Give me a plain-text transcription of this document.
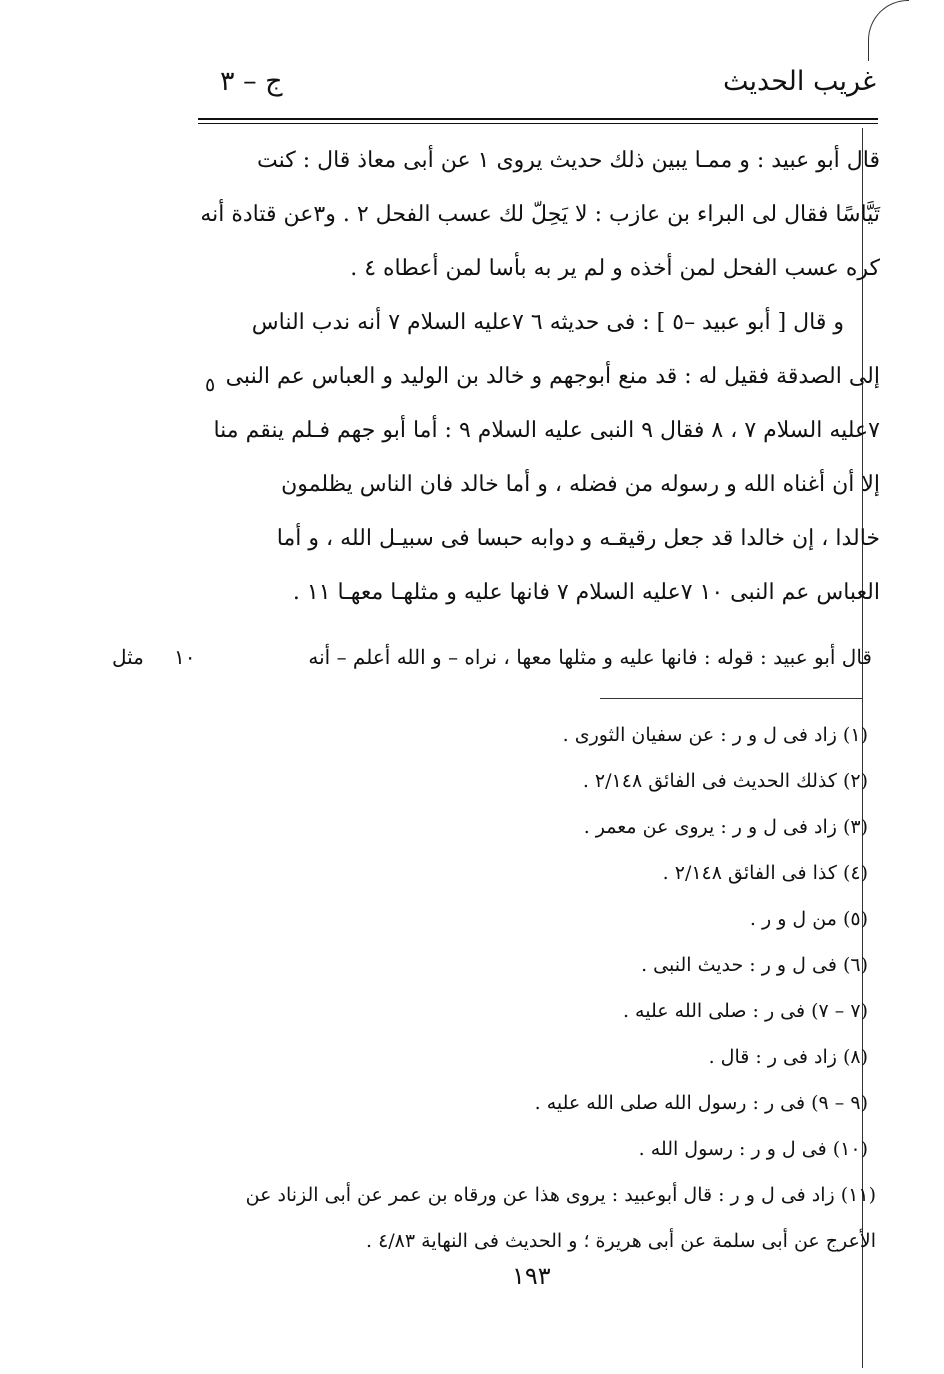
غريب الحديث
ج – ٣

قال أبو عبيد : و ممـا يبين ذلك حديث يروى ١ عن أبى معاذ قال : كنت

تَيَّاسًا فقال لى البراء بن عازب : لا يَحِلّ لك عسب الفحل ٢ . و٣عن قتادة أنه

كره عسب الفحل لمن أخذه و لم ير به بأسا لمن أعطاه ٤ .

و قال [ أبو عبيد –٥ ] : فى حديثه ٦ ٧عليه السلام ٧ أنه ندب الناس

إلى الصدقة فقيل له : قد منع أبوجهم و خالد بن الوليد و العباس عم النبى

٧عليه السلام ٧ ، ٨ فقال ٩ النبى عليه السلام ٩ : أما أبو جهم فـلم ينقم منا

إلا أن أغناه الله و رسوله من فضله ، و أما خالد فان الناس يظلمون

خالدا ، إن خالدا قد جعل رقيقـه و دوابه حبسا فى سبيـل الله ، و أما

العباس عم النبى ١٠ ٧عليه السلام ٧ فانها عليه و مثلهـا معهـا ١١ .

٥
قال أبو عبيد : قوله : فانها عليه و مثلها معها ، نراه – و الله أعلم – أنه
١٠
مثل
(١) زاد فى ل و ر : عن سفيان الثورى .
(٢) كذلك الحديث فى الفائق ٢/١٤٨ .
(٣) زاد فى ل و ر : يروى عن معمر .
(٤) كذا فى الفائق ٢/١٤٨ .
(٥) من ل و ر .
(٦) فى ل و ر : حديث النبى .
(٧ – ٧) فى ر : صلى الله عليه .
(٨) زاد فى ر : قال .
(٩ – ٩) فى ر : رسول الله صلى الله عليه .
(١٠) فى ل و ر : رسول الله .
(١١) زاد فى ل و ر : قال أبوعبيد : يروى هذا عن ورقاه بن عمر عن أبى الزناد عن
الأعرج عن أبى سلمة عن أبى هريرة ؛ و الحديث فى النهاية ٤/٨٣ .
١٩٣
